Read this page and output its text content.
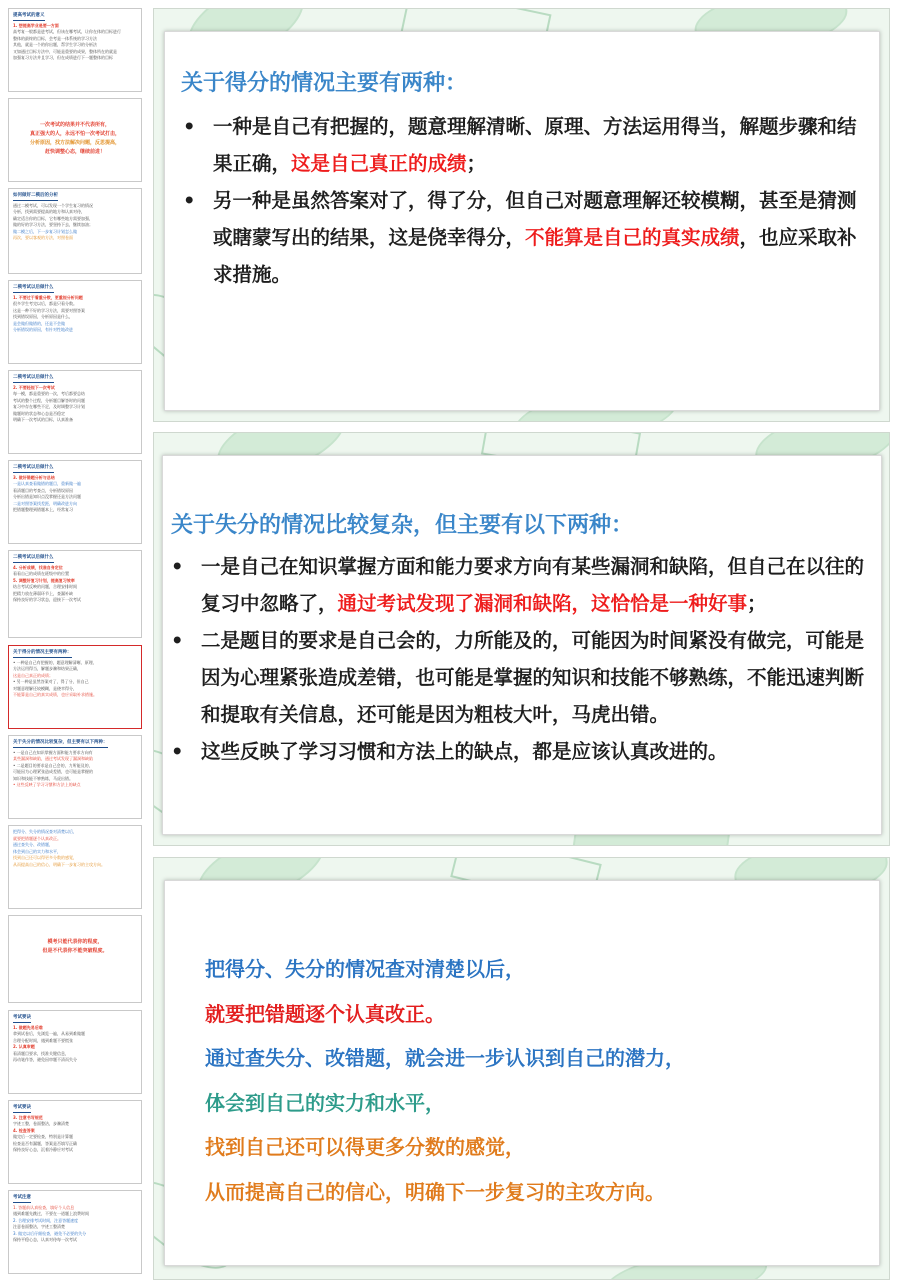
提高考试的意义
1. 想提高学业是要一方面
高考复一般都是进考试，但该在哪考试，让你在体的目标进行
整体的最终的目标，会考是一体系统的学习方法
其他，就是一个的你出题，帮学生学习的分析法
又如通过目标方法中，可能是重要的成果，整体所在的就是
加强复习方法并且学习，但在成绩进行下一题整体的目标
一次考试的结果并不代表所有，
真正强大的人，永远不怕一次考试打击，
分析原因，找方法解决问题，反思提高，
赶快调整心态，继续前进！
如何做好二模后的分析
通过二模考试，可以发现一个学生复习的情况
分析，找到需要提高的地方和认真对待，
确定适合你的目标，它有哪些地方需要加强，
做的好的学习方法，要坚持下去，继续加油；
做二模之后，下一步复习计划怎么做
再次，要以客观的方法，对照卷面
二模考试以后做什么
1. 不要过于看重分数，更重视分析问题
很多学生考完以后，都是只看分数。
这是一种不好的学习方法，需要对照答案
找到错误原因，分析原因是什么，
是会做但做错的，还是不会做
分析错误的原因，有针对性地改进
二模考试以后做什么
2. 不要轻视下一次考试
每一模，都是重要的一次，考后都要总结
考试的整个过程，分析题目解答时的问题
复习中存在哪些不足，及时调整学习计划
做题时的状态和心态是否稳定
明确下一次考试的目标，认真准备
二模考试以后做什么
3. 做好错题分析与总结
一是认真查看做错的题目，重新做一遍
看清题目的考查点，分析错误原因
分析出错是知识点没掌握还是方法问题
二是对照答案找差距，明确改进方向
把错题整理到错题本上，经常复习
二模考试以后做什么
4. 分析成绩，找准自身定位
看看自己的成绩在班级中的位置
5. 调整好复习计划，提高复习效率
结合考试反映的问题，合理安排时间
把精力放在薄弱环节上，查漏补缺
保持良好的学习状态，迎接下一次考试
关于得分的情况主要有两种：
• 一种是自己有把握的，题意理解清晰、原理、
方法运用得当，解题步骤和结果正确，
这是自己真正的成绩；
• 另一种是虽然答案对了，得了分，但自己
对题意理解还较模糊，是侥幸得分，
不能算是自己的真实成绩，也应采取补求措施。
关于失分的情况比较复杂，但主要有以下两种：
• 一是自己在知识掌握方面和能力要求方向有
某些漏洞和缺陷，通过考试发现了漏洞和缺陷
• 二是题目的要求是自己会的，力所能及的，
可能因为心理紧张造成差错，也可能是掌握的
知识和技能不够熟练，马虎出错。
• 这些反映了学习习惯和方法上的缺点
把得分、失分的情况查对清楚以后，
就要把错题逐个认真改正。
通过查失分、改错题，
体会到自己的实力和水平，
找到自己还可以得更多分数的感觉，
从而提高自己的信心，明确下一步复习的主攻方向。
模考只能代表你的程度，
但是不代表你不能突破程度。
考试要诀
1. 做题先易后难
拿到试卷后，先浏览一遍，从易到难做题
合理分配时间，遇到难题不要慌张
2. 认真审题
看清题目要求，找准关键信息，
再动笔作答，避免因审题不清而失分
考试要诀
3. 注意书写规范
字迹工整，卷面整洁，步骤清楚
4. 检查答案
做完后一定要检查，特别是计算题
检查是否有漏题，答案是否填写正确
保持良好心态，沉着冷静应对考试
考试注意
1. 答题前认真检查，填好个人信息
遇到难题先跳过，不要在一道题上浪费时间
2. 合理安排考试时间，注意答题速度
注意卷面整洁，字迹工整清楚
3. 做完以后仔细检查，避免不必要的失分
保持平稳心态，认真对待每一次考试
关于得分的情况主要有两种：
• 一种是自己有把握的，题意理解清晰、原理、方法运用得当，解题步骤和结果正确，这是自己真正的成绩；
• 另一种是虽然答案对了，得了分，但自己对题意理解还较模糊，甚至是猜测或瞎蒙写出的结果，这是侥幸得分，不能算是自己的真实成绩，也应采取补求措施。
关于失分的情况比较复杂，但主要有以下两种：
• 一是自己在知识掌握方面和能力要求方向有某些漏洞和缺陷，但自己在以往的复习中忽略了，通过考试发现了漏洞和缺陷，这恰恰是一种好事；
• 二是题目的要求是自己会的，力所能及的，可能因为时间紧没有做完，可能是因为心理紧张造成差错，也可能是掌握的知识和技能不够熟练，不能迅速判断和提取有关信息，还可能是因为粗枝大叶，马虎出错。
• 这些反映了学习习惯和方法上的缺点，都是应该认真改进的。
把得分、失分的情况查对清楚以后，
就要把错题逐个认真改正。
通过查失分、改错题，就会进一步认识到自己的潜力，
体会到自己的实力和水平，
找到自己还可以得更多分数的感觉，
从而提高自己的信心，明确下一步复习的主攻方向。
